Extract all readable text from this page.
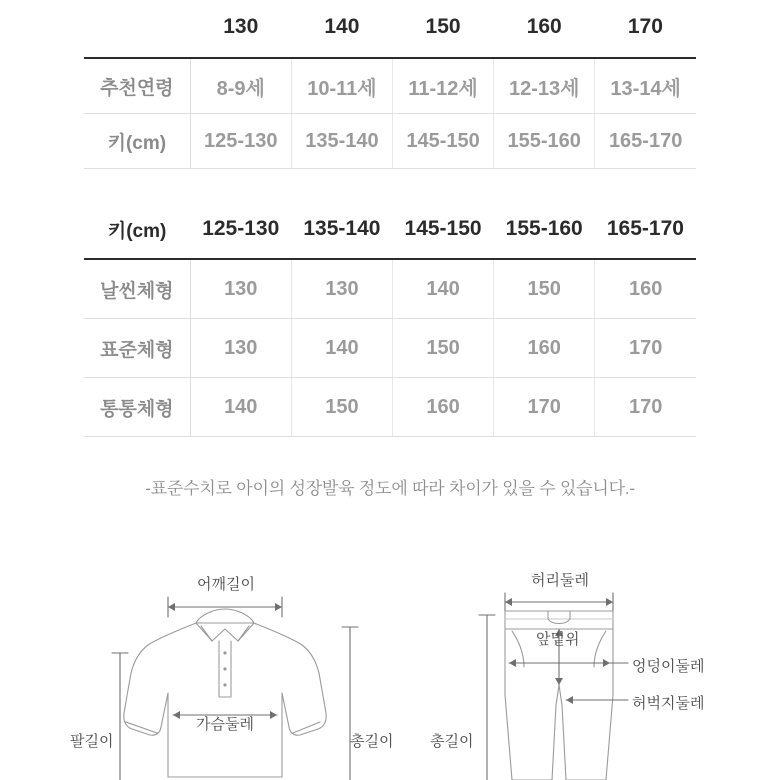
	130	140	150	160	170
추천연령	8-9세	10-11세	11-12세	12-13세	13-14세
키(cm)	125-130	135-140	145-150	155-160	165-170
키(cm)	125-130	135-140	145-150	155-160	165-170
날씬체형	130	130	140	150	160
표준체형	130	140	150	160	170
통통체형	140	150	160	170	170
-표준수치로 아이의 성장발육 정도에 따라 차이가 있을 수 있습니다.-
어깨길이	허리둘레
가슴둘레
팔길이	총길이
앞밑위
엉덩이둘레
허벅지둘레
총길이
